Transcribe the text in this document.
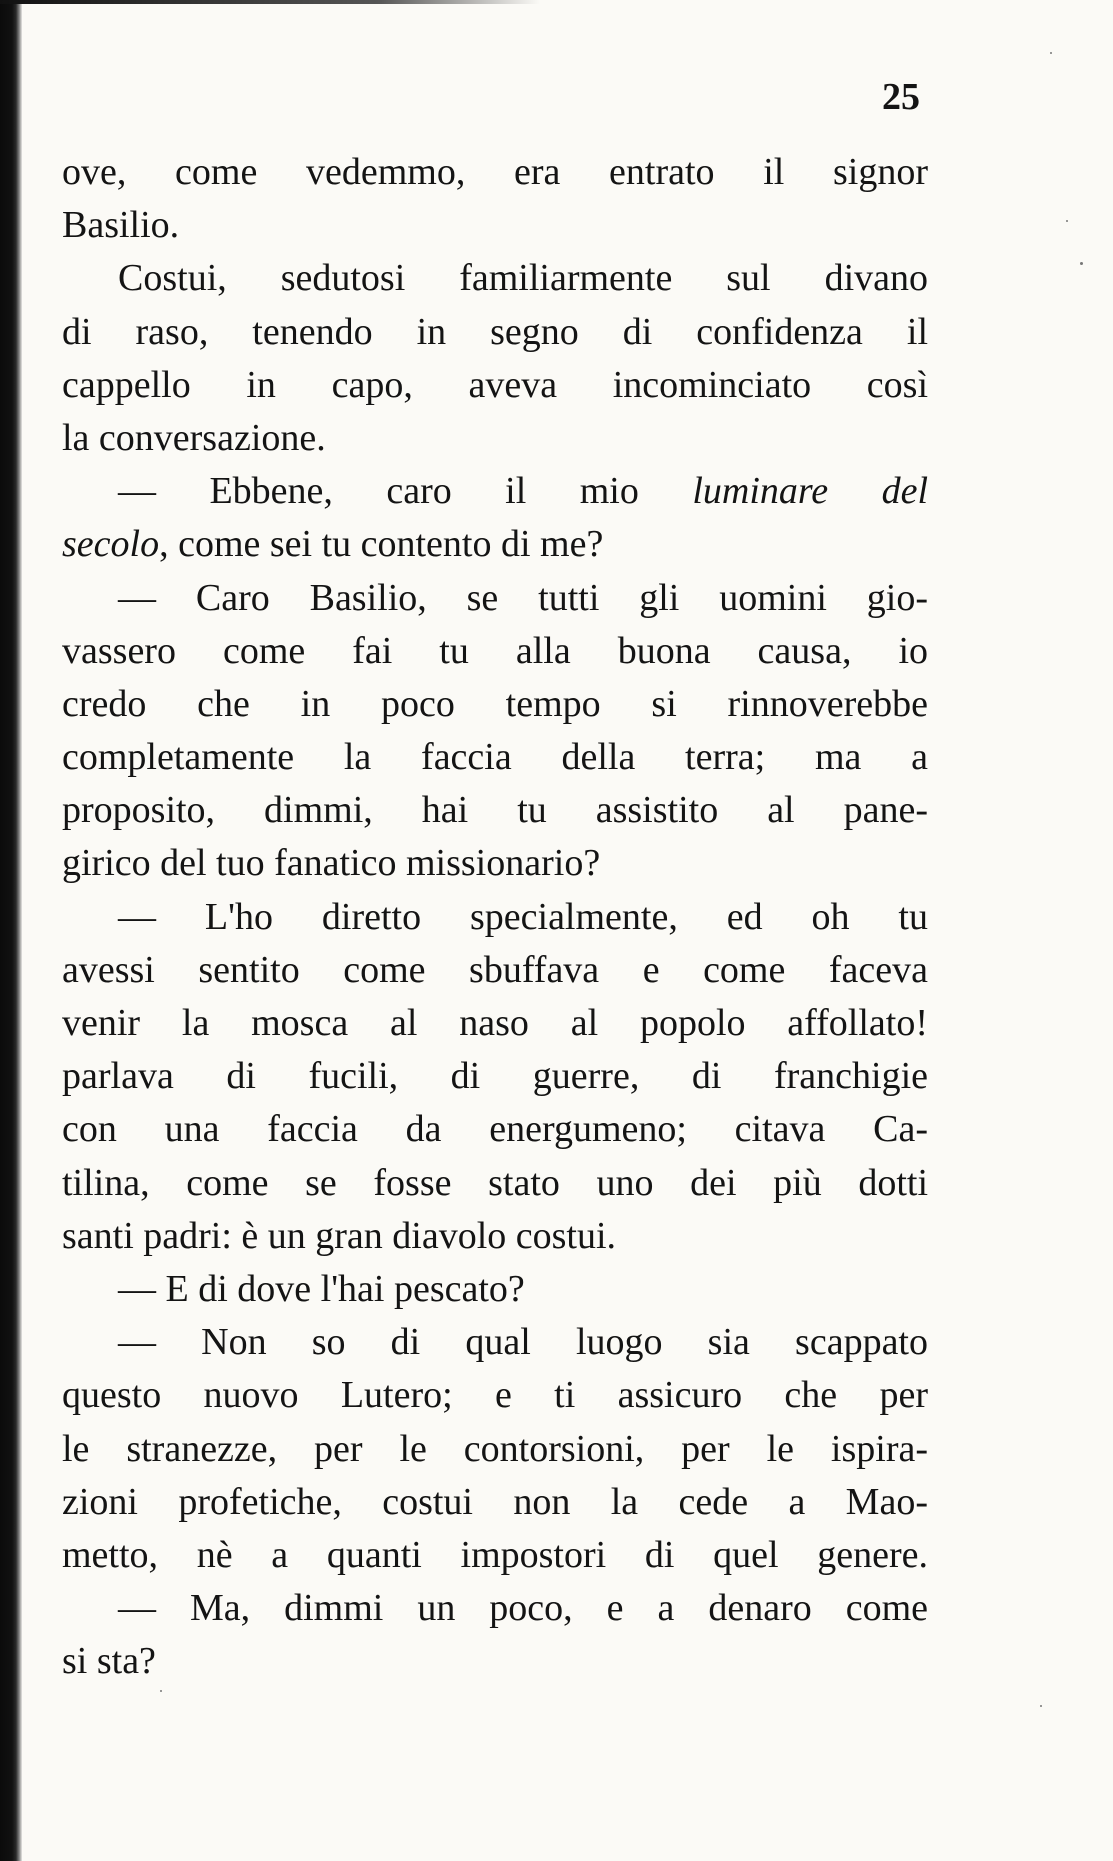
25
ove, come vedemmo, era entrato il signor
Basilio.
Costui, sedutosi familiarmente sul divano
di raso, tenendo in segno di confidenza il
cappello in capo, aveva incominciato così
la conversazione.
— Ebbene, caro il mio luminare del
secolo, come sei tu contento di me?
— Caro Basilio, se tutti gli uomini gio-
vassero come fai tu alla buona causa, io
credo che in poco tempo si rinnoverebbe
completamente la faccia della terra; ma a
proposito, dimmi, hai tu assistito al pane-
girico del tuo fanatico missionario?
— L'ho diretto specialmente, ed oh tu
avessi sentito come sbuffava e come faceva
venir la mosca al naso al popolo affollato!
parlava di fucili, di guerre, di franchigie
con una faccia da energumeno; citava Ca-
tilina, come se fosse stato uno dei più dotti
santi padri: è un gran diavolo costui.
— E di dove l'hai pescato?
— Non so di qual luogo sia scappato
questo nuovo Lutero; e ti assicuro che per
le stranezze, per le contorsioni, per le ispira-
zioni profetiche, costui non la cede a Mao-
metto, nè a quanti impostori di quel genere.
— Ma, dimmi un poco, e a denaro come
si sta?
